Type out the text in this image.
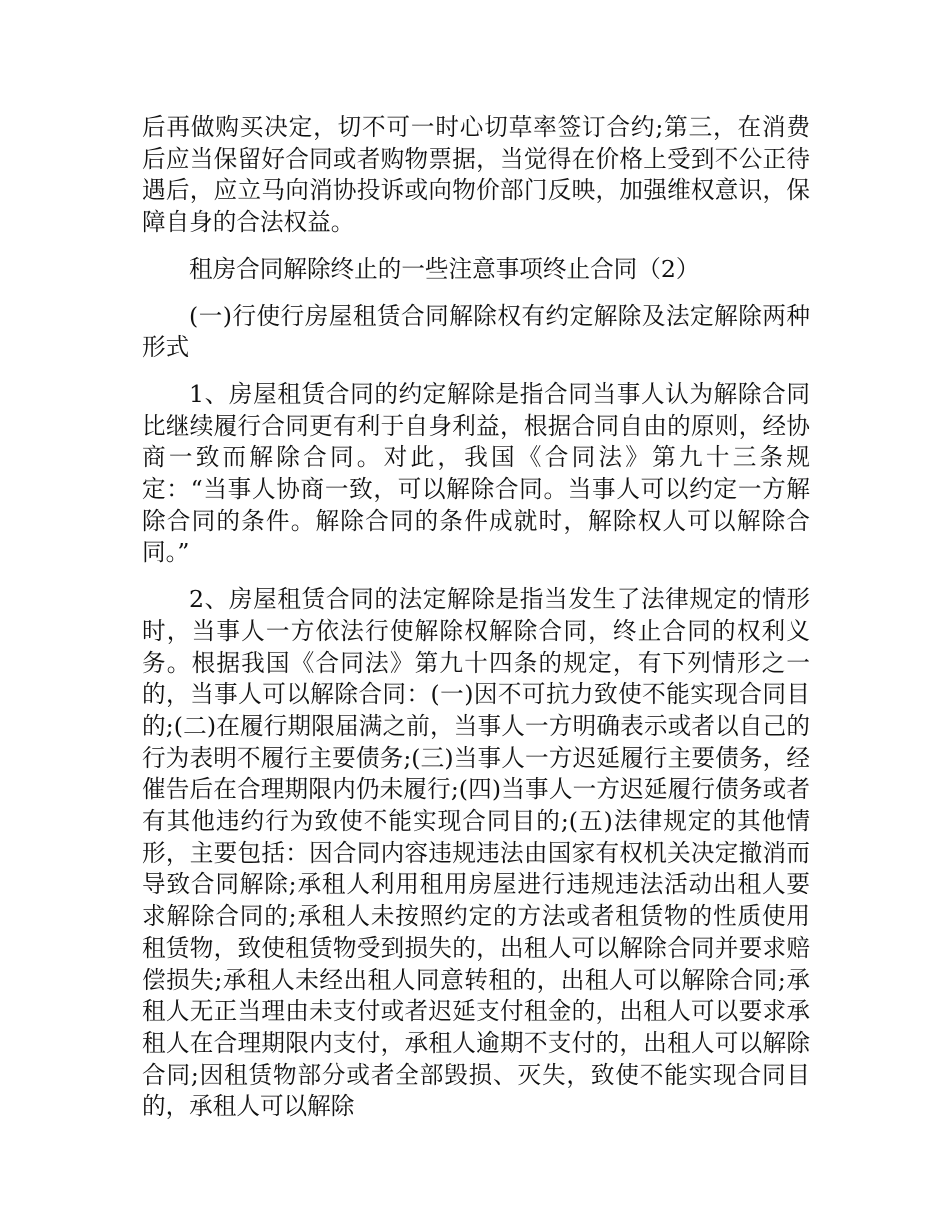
后再做购买决定，切不可一时心切草率签订合约;第三，在消费后应当保留好合同或者购物票据，当觉得在价格上受到不公正待遇后，应立马向消协投诉或向物价部门反映，加强维权意识，保障自身的合法权益。

租房合同解除终止的一些注意事项终止合同（2）

(一)行使行房屋租赁合同解除权有约定解除及法定解除两种形式

1、房屋租赁合同的约定解除是指合同当事人认为解除合同比继续履行合同更有利于自身利益，根据合同自由的原则，经协商一致而解除合同。对此，我国《合同法》第九十三条规定：“当事人协商一致，可以解除合同。当事人可以约定一方解除合同的条件。解除合同的条件成就时，解除权人可以解除合同。”

2、房屋租赁合同的法定解除是指当发生了法律规定的情形时，当事人一方依法行使解除权解除合同，终止合同的权利义务。根据我国《合同法》第九十四条的规定，有下列情形之一的，当事人可以解除合同：(一)因不可抗力致使不能实现合同目的;(二)在履行期限届满之前，当事人一方明确表示或者以自己的行为表明不履行主要债务;(三)当事人一方迟延履行主要债务，经催告后在合理期限内仍未履行;(四)当事人一方迟延履行债务或者有其他违约行为致使不能实现合同目的;(五)法律规定的其他情形，主要包括：因合同内容违规违法由国家有权机关决定撤消而导致合同解除;承租人利用租用房屋进行违规违法活动出租人要求解除合同的;承租人未按照约定的方法或者租赁物的性质使用租赁物，致使租赁物受到损失的，出租人可以解除合同并要求赔偿损失;承租人未经出租人同意转租的，出租人可以解除合同;承租人无正当理由未支付或者迟延支付租金的，出租人可以要求承租人在合理期限内支付，承租人逾期不支付的，出租人可以解除合同;因租赁物部分或者全部毁损、灭失，致使不能实现合同目的，承租人可以解除
